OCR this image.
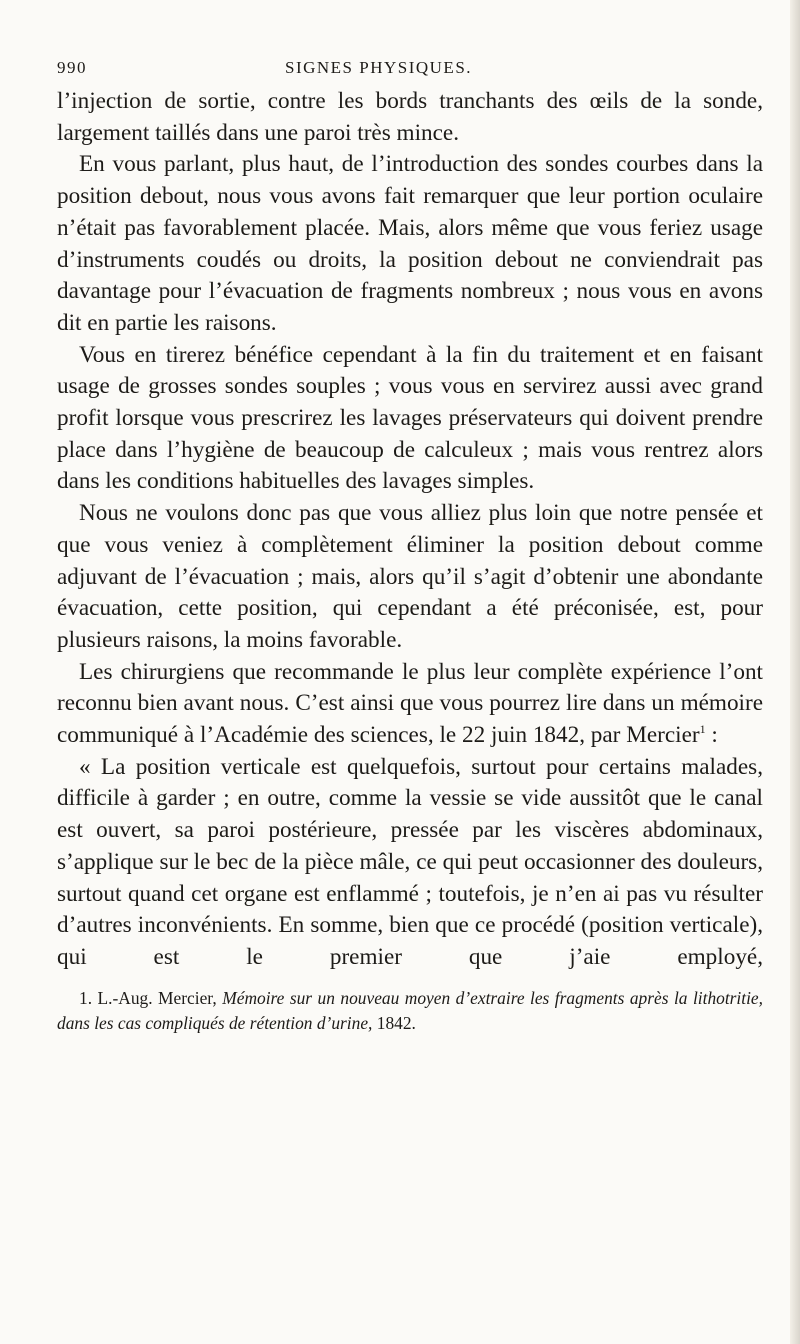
990	SIGNES PHYSIQUES.

l’injection de sortie, contre les bords tranchants des œils de la sonde, largement taillés dans une paroi très mince.

En vous parlant, plus haut, de l’introduction des sondes courbes dans la position debout, nous vous avons fait remarquer que leur portion oculaire n’était pas favorablement placée. Mais, alors même que vous feriez usage d’instruments coudés ou droits, la position debout ne conviendrait pas davantage pour l’évacuation de fragments nombreux ; nous vous en avons dit en partie les raisons.

Vous en tirerez bénéfice cependant à la fin du traitement et en faisant usage de grosses sondes souples ; vous vous en servirez aussi avec grand profit lorsque vous prescrirez les lavages préservateurs qui doivent prendre place dans l’hygiène de beaucoup de calculeux ; mais vous rentrez alors dans les conditions habituelles des lavages simples.

Nous ne voulons donc pas que vous alliez plus loin que notre pensée et que vous veniez à complètement éliminer la position debout comme adjuvant de l’évacuation ; mais, alors qu’il s’agit d’obtenir une abondante évacuation, cette position, qui cependant a été préconisée, est, pour plusieurs raisons, la moins favorable.

Les chirurgiens que recommande le plus leur complète expérience l’ont reconnu bien avant nous. C’est ainsi que vous pourrez lire dans un mémoire communiqué à l’Académie des sciences, le 22 juin 1842, par Mercier$^1$ :

« La position verticale est quelquefois, surtout pour certains malades, difficile à garder ; en outre, comme la vessie se vide aussitôt que le canal est ouvert, sa paroi postérieure, pressée par les viscères abdominaux, s’applique sur le bec de la pièce mâle, ce qui peut occasionner des douleurs, surtout quand cet organe est enflammé ; toutefois, je n’en ai pas vu résulter d’autres inconvénients. En somme, bien que ce procédé (position verticale), qui est le premier que j’aie employé,

1. L.-Aug. Mercier, Mémoire sur un nouveau moyen d’extraire les fragments après la lithotritie, dans les cas compliqués de rétention d’urine, 1842.
